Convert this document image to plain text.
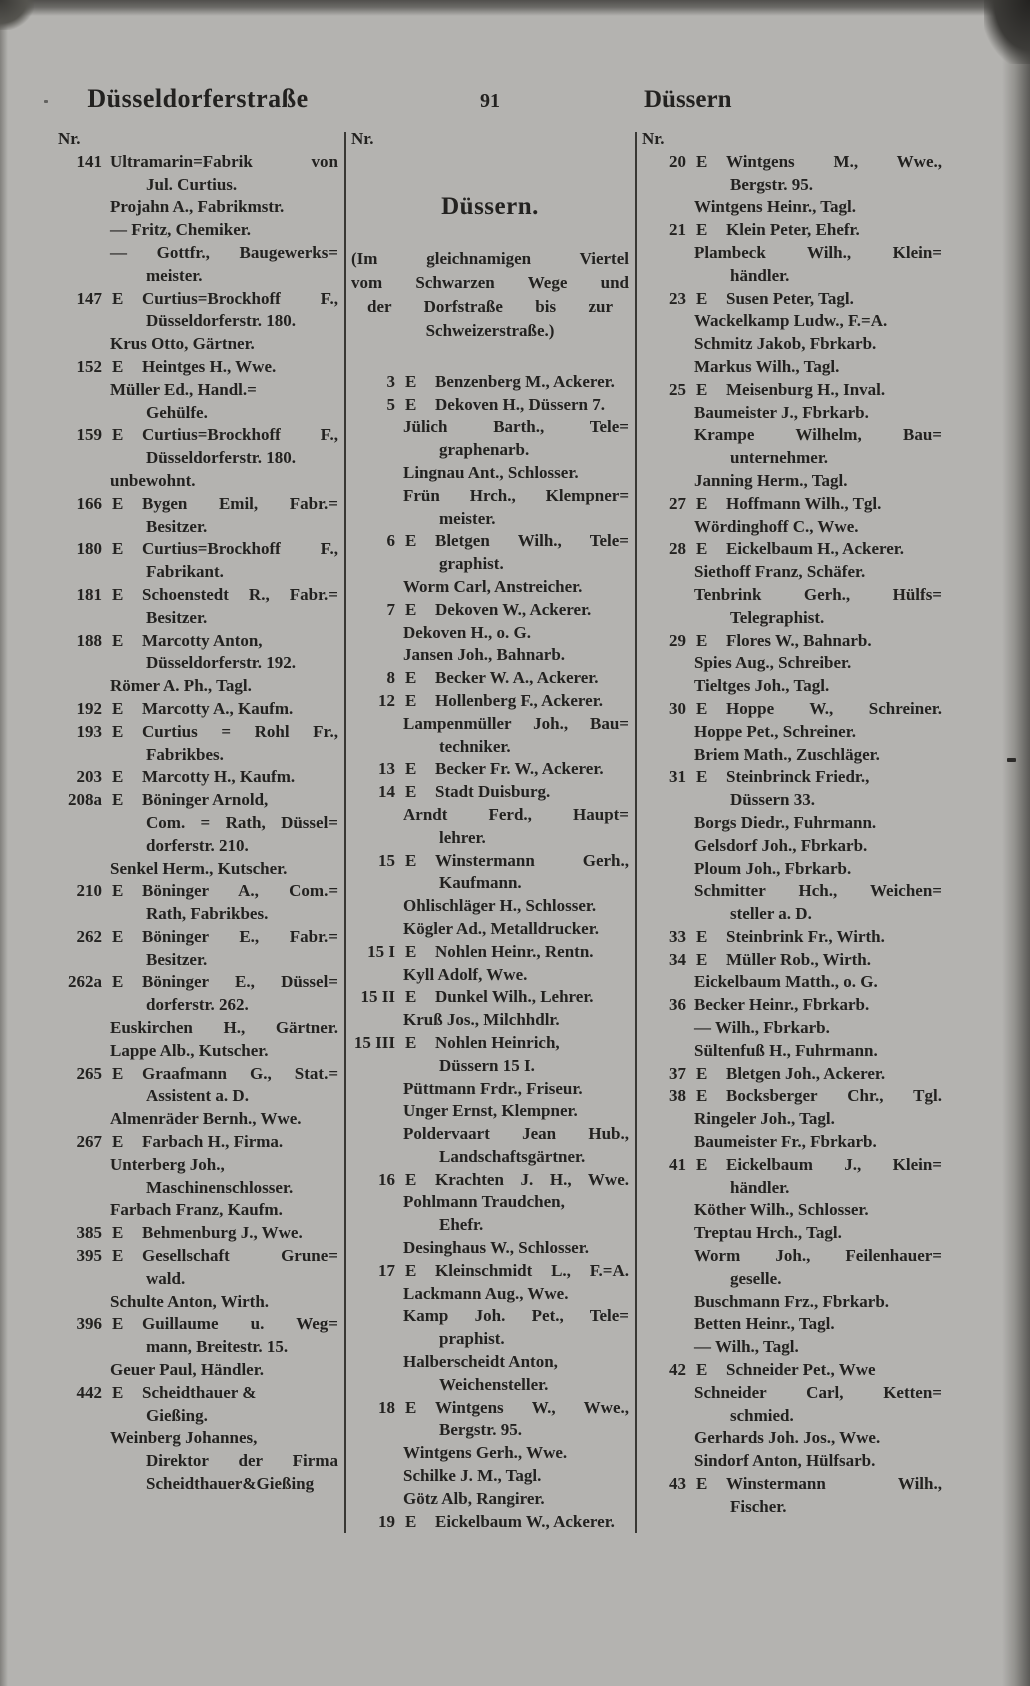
Düsseldorferstraße	91	Düssern
Nr.
141 Ultramarin=Fabrik von
Jul. Curtius.
Projahn A., Fabrikmstr.
— Fritz, Chemiker.
— Gottfr., Baugewerks=
meister.
147 E	Curtius=Brockhoff F.,
Düsseldorferstr. 180.
Krus Otto, Gärtner.
152 E	Heintges H., Wwe.
Müller Ed., Handl.=
Gehülfe.
159 E	Curtius=Brockhoff F.,
Düsseldorferstr. 180.
unbewohnt.
166 E	Bygen Emil, Fabr.=
Besitzer.
180 E	Curtius=Brockhoff F.,
Fabrikant.
181 E	Schoenstedt R., Fabr.=
Besitzer.
188 E	Marcotty Anton,
Düsseldorferstr. 192.
Römer A. Ph., Tagl.
192 E	Marcotty A., Kaufm.
193 E	Curtius = Rohl Fr.,
Fabrikbes.
203 E	Marcotty H., Kaufm.
208a E	Böninger Arnold,
Com. = Rath, Düssel=
dorferstr. 210.
Senkel Herm., Kutscher.
210 E	Böninger A., Com.=
Rath, Fabrikbes.
262 E	Böninger E., Fabr.=
Besitzer.
262a E	Böninger E., Düssel=
dorferstr. 262.
Euskirchen H., Gärtner.
Lappe Alb., Kutscher.
265 E	Graafmann G., Stat.=
Assistent a. D.
Almenräder Bernh., Wwe.
267 E	Farbach H., Firma.
Unterberg Joh.,
Maschinenschlosser.
Farbach Franz, Kaufm.
385 E	Behmenburg J., Wwe.
395 E	Gesellschaft Grune=
wald.
Schulte Anton, Wirth.
396 E	Guillaume u. Weg=
mann, Breitestr. 15.
Geuer Paul, Händler.
442 E	Scheidthauer &
Gießing.
Weinberg Johannes,
Direktor der Firma
Scheidthauer&Gießing
Nr.
Düssern.
(Im gleichnamigen Viertel
vom Schwarzen Wege und
der Dorfstraße bis zur
Schweizerstraße.)
3 E	Benzenberg M., Ackerer.
5 E	Dekoven H., Düssern 7.
Jülich Barth., Tele=
graphenarb.
Lingnau Ant., Schlosser.
Frün Hrch., Klempner=
meister.
6 E	Bletgen Wilh., Tele=
graphist.
Worm Carl, Anstreicher.
7 E	Dekoven W., Ackerer.
Dekoven H., o. G.
Jansen Joh., Bahnarb.
8 E	Becker W. A., Ackerer.
12 E	Hollenberg F., Ackerer.
Lampenmüller Joh., Bau=
techniker.
13 E	Becker Fr. W., Ackerer.
14 E	Stadt Duisburg.
Arndt Ferd., Haupt=
lehrer.
15 E	Winstermann Gerh.,
Kaufmann.
Ohlischläger H., Schlosser.
Kögler Ad., Metalldrucker.
15 I E	Nohlen Heinr., Rentn.
Kyll Adolf, Wwe.
15 II E	Dunkel Wilh., Lehrer.
Kruß Jos., Milchhdlr.
15 III E	Nohlen Heinrich,
Düssern 15 I.
Püttmann Frdr., Friseur.
Unger Ernst, Klempner.
Poldervaart Jean Hub.,
Landschaftsgärtner.
16 E	Krachten J. H., Wwe.
Pohlmann Traudchen,
Ehefr.
Desinghaus W., Schlosser.
17 E	Kleinschmidt L., F.=A.
Lackmann Aug., Wwe.
Kamp Joh. Pet., Tele=
praphist.
Halberscheidt Anton,
Weichensteller.
18 E	Wintgens W., Wwe.,
Bergstr. 95.
Wintgens Gerh., Wwe.
Schilke J. M., Tagl.
Götz Alb, Rangirer.
19 E	Eickelbaum W., Ackerer.
Nr.
20 E	Wintgens M., Wwe.,
Bergstr. 95.
Wintgens Heinr., Tagl.
21 E	Klein Peter, Ehefr.
Plambeck Wilh., Klein=
händler.
23 E	Susen Peter, Tagl.
Wackelkamp Ludw., F.=A.
Schmitz Jakob, Fbrkarb.
Markus Wilh., Tagl.
25 E	Meisenburg H., Inval.
Baumeister J., Fbrkarb.
Krampe Wilhelm, Bau=
unternehmer.
Janning Herm., Tagl.
27 E	Hoffmann Wilh., Tgl.
Wördinghoff C., Wwe.
28 E	Eickelbaum H., Ackerer.
Siethoff Franz, Schäfer.
Tenbrink Gerh., Hülfs=
Telegraphist.
29 E	Flores W., Bahnarb.
Spies Aug., Schreiber.
Tieltges Joh., Tagl.
30 E	Hoppe W., Schreiner.
Hoppe Pet., Schreiner.
Briem Math., Zuschläger.
31 E	Steinbrinck Friedr.,
Düssern 33.
Borgs Diedr., Fuhrmann.
Gelsdorf Joh., Fbrkarb.
Ploum Joh., Fbrkarb.
Schmitter Hch., Weichen=
steller a. D.
33 E	Steinbrink Fr., Wirth.
34 E	Müller Rob., Wirth.
Eickelbaum Matth., o. G.
36 Becker Heinr., Fbrkarb.
— Wilh., Fbrkarb.
Sültenfuß H., Fuhrmann.
37 E	Bletgen Joh., Ackerer.
38 E	Bocksberger Chr., Tgl.
Ringeler Joh., Tagl.
Baumeister Fr., Fbrkarb.
41 E	Eickelbaum J., Klein=
händler.
Köther Wilh., Schlosser.
Treptau Hrch., Tagl.
Worm Joh., Feilenhauer=
geselle.
Buschmann Frz., Fbrkarb.
Betten Heinr., Tagl.
— Wilh., Tagl.
42 E	Schneider Pet., Wwe
Schneider Carl, Ketten=
schmied.
Gerhards Joh. Jos., Wwe.
Sindorf Anton, Hülfsarb.
43 E	Winstermann Wilh.,
Fischer.
